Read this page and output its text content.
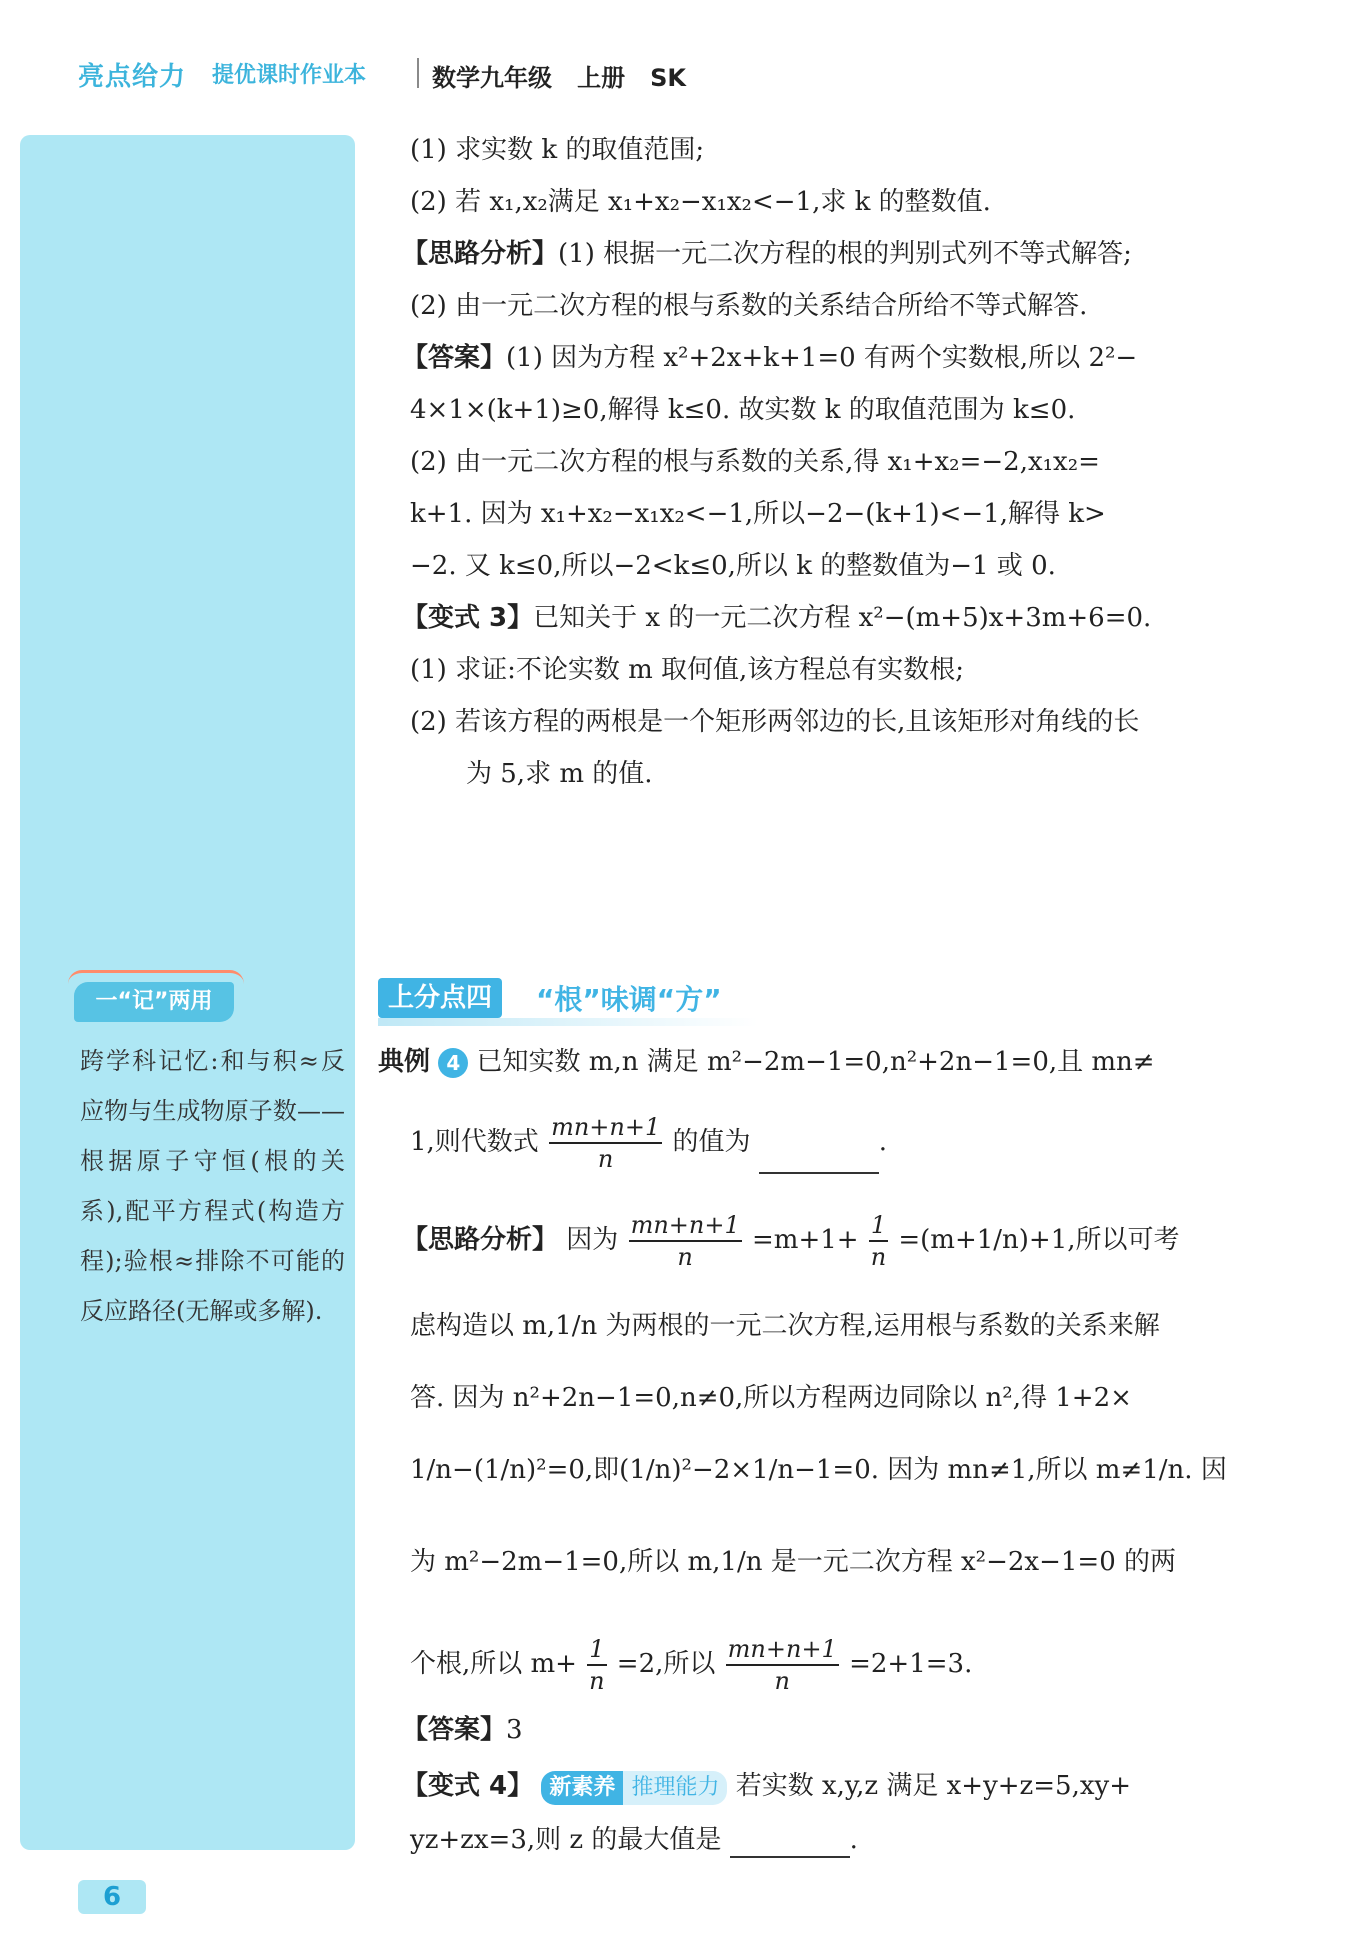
亮点给力 提优课时作业本	数学九年级   上册   SK
一“记”两用
跨学科记忆:和与积≈反应物与生成物原子数——根据原子守恒(根的关系),配平方程式(构造方程);验根≈排除不可能的反应路径(无解或多解).
(1) 求实数 k 的取值范围;
(2) 若 x₁,x₂满足 x₁+x₂−x₁x₂<−1,求 k 的整数值.
【思路分析】(1) 根据一元二次方程的根的判别式列不等式解答;
(2) 由一元二次方程的根与系数的关系结合所给不等式解答.
【答案】(1) 因为方程 x²+2x+k+1=0 有两个实数根,所以 2²−
4×1×(k+1)≥0,解得 k≤0. 故实数 k 的取值范围为 k≤0.
(2) 由一元二次方程的根与系数的关系,得 x₁+x₂=−2,x₁x₂=
k+1. 因为 x₁+x₂−x₁x₂<−1,所以−2−(k+1)<−1,解得 k>
−2. 又 k≤0,所以−2<k≤0,所以 k 的整数值为−1 或 0.
【变式 3】已知关于 x 的一元二次方程 x²−(m+5)x+3m+6=0.
(1) 求证:不论实数 m 取何值,该方程总有实数根;
(2) 若该方程的两根是一个矩形两邻边的长,且该矩形对角线的长
为 5,求 m 的值.
上分点四	“根”味调“方”
典例 4 已知实数 m,n 满足 m²−2m−1=0,n²+2n−1=0,且 mn≠
1,则代数式 $\frac{mn+n+1}{n}$ 的值为	.
【思路分析】 因为 $\frac{mn+n+1}{n} =m+1+ \frac{1}{n} =(m+1/n)+1$,所以可考
虑构造以 m,1/n 为两根的一元二次方程,运用根与系数的关系来解
答. 因为 n²+2n−1=0,n≠0,所以方程两边同除以 n²,得 1+2×
1/n−(1/n)²=0,即(1/n)²−2×1/n−1=0. 因为 mn≠1,所以 m≠1/n. 因
为 m²−2m−1=0,所以 m,1/n 是一元二次方程 x²−2x−1=0 的两
个根,所以 $m+ \frac{1}{n} =2$,所以 $\frac{mn+n+1}{n} =2+1=3$.
【答案】3
【变式 4】 新素养 推理能力 若实数 x,y,z 满足 x+y+z=5,xy+
yz+zx=3,则 z 的最大值是	.
6
